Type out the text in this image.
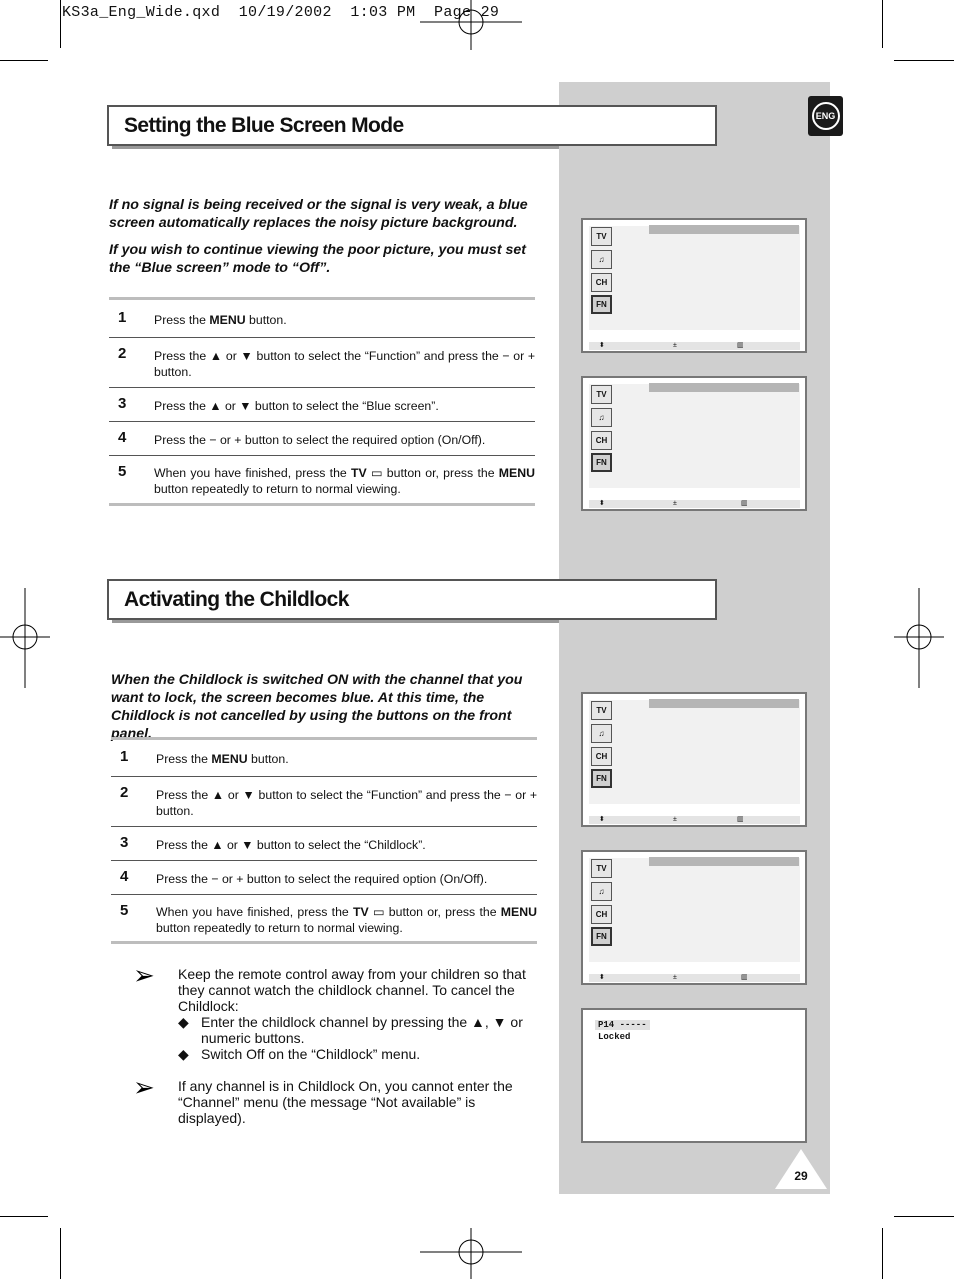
KS3a_Eng_Wide.qxd  10/19/2002  1:03 PM  Page 29
ENG
Setting the Blue Screen Mode

If no signal is being received or the signal is very weak, a blue screen automatically replaces the noisy picture background.

If you wish to continue viewing the poor picture, you must set the “Blue screen” mode to “Off”.

1 Press the MENU button.
2 Press the ▲ or ▼ button to select the “Function” and press the − or + button.
3 Press the ▲ or ▼ button to select the “Blue screen”.
4 Press the − or + button to select the required option (On/Off).
5 When you have finished, press the TV ▭ button or, press the MENU button repeatedly to return to normal viewing.
Activating the Childlock

When the Childlock is switched ON with the channel that you want to lock, the screen becomes blue. At this time, the Childlock is not cancelled by using the buttons on the front panel.

1 Press the MENU button.
2 Press the ▲ or ▼ button to select the “Function” and press the − or + button.
3 Press the ▲ or ▼ button to select the “Childlock”.
4 Press the − or + button to select the required option (On/Off).
5 When you have finished, press the TV ▭ button or, press the MENU button repeatedly to return to normal viewing.
➢ Keep the remote control away from your children so that they cannot watch the childlock channel. To cancel the Childlock:
◆ Enter the childlock channel by pressing the ▲, ▼ or numeric buttons.
◆ Switch Off on the “Childlock” menu.
➢ If any channel is in Childlock On, you cannot enter the “Channel” menu (the message “Not available” is displayed).
TV
♫
CH
FN
⬍	±	▥
TV
♫
CH
FN
⬍	±	▥
TV
♫
CH
FN
⬍	±	▥
TV
♫
CH
FN
⬍	±	▥
P14 -----
Locked
29
